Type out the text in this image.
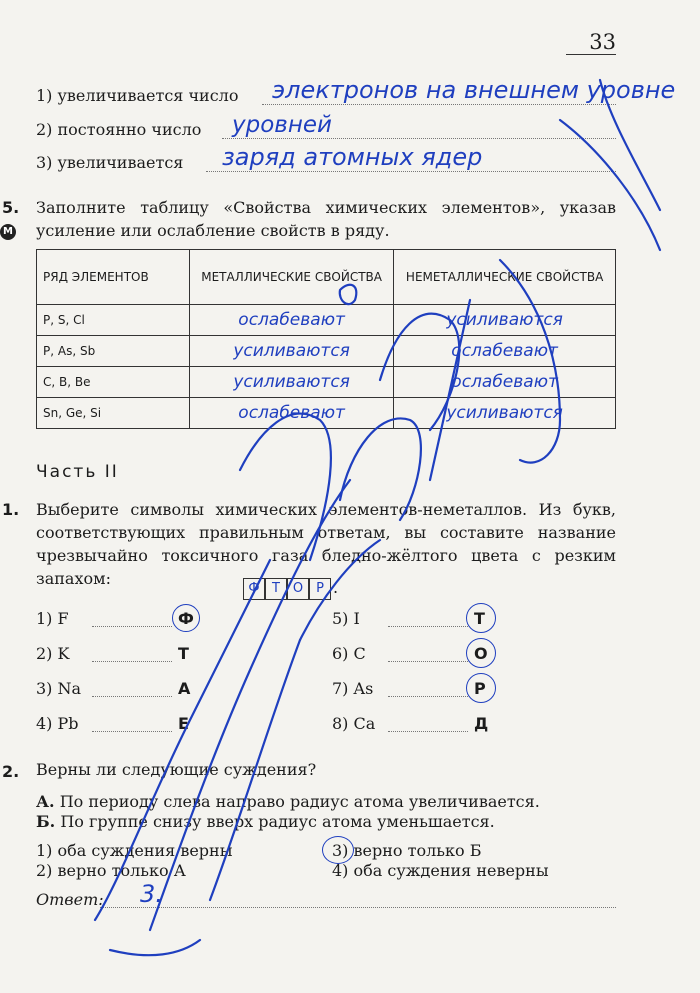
33
1) увеличивается число электронов на внешнем уровне
2) постоянно число уровней
3) увеличивается заряд атомных ядер
5.
М
Заполните таблицу «Свойства химических элементов», указав усиление или ослабление свойств в ряду.
РЯД ЭЛЕМЕНТОВ	МЕТАЛЛИЧЕСКИЕ СВОЙСТВА	НЕМЕТАЛЛИЧЕСКИЕ СВОЙСТВА
P, S, Cl	ослабевают	усиливаются
P, As, Sb	усиливаются	ослабевают
C, B, Be	усиливаются	ослабевают
Sn, Ge, Si	ослабевают	усиливаются
Часть II
1. Выберите символы химических элементов-неметаллов. Из букв, соответствующих правильным ответам, вы составите название чрезвычайно токсичного газа бледно-жёлтого цвета с резким запахом:
Ф Т О Р .
1) F	Ф
2) K	Т
3) Na	А
4) Pb	Е
5) I	Т
6) C	О
7) As	Р
8) Ca	Д
2. Верны ли следующие суждения?
А. По периоду слева направо радиус атома увеличивается.
Б. По группе снизу вверх радиус атома уменьшается.
1) оба суждения верны	3) верно только Б
2) верно только А	4) оба суждения неверны
Ответ: 3.
